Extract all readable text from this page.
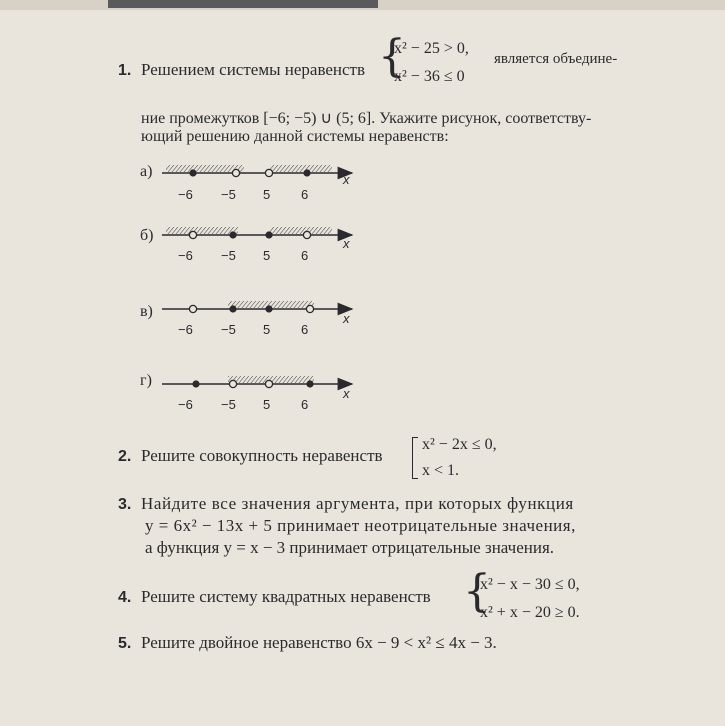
1. Решением системы неравенств {
x² − 25 > 0,
x² − 36 ≤ 0
является объедине-
ние промежутков [−6; −5) ∪ (5; 6]. Укажите рисунок, соответству-
ющий решению данной системы неравенств:
а)
б)
в)
г)
−6 −5 5 6
x
−6 −5 5 6
x
−6 −5 5 6
x
−6 −5 5 6
x
2. Решите совокупность неравенств
x² − 2x ≤ 0,
x < 1.
3. Найдите все значения аргумента, при которых функция
y = 6x² − 13x + 5 принимает неотрицательные значения,
а функция y = x − 3 принимает отрицательные значения.
4. Решите систему квадратных неравенств {
x² − x − 30 ≤ 0,
x² + x − 20 ≥ 0.
5. Решите двойное неравенство 6x − 9 < x² ≤ 4x − 3.
